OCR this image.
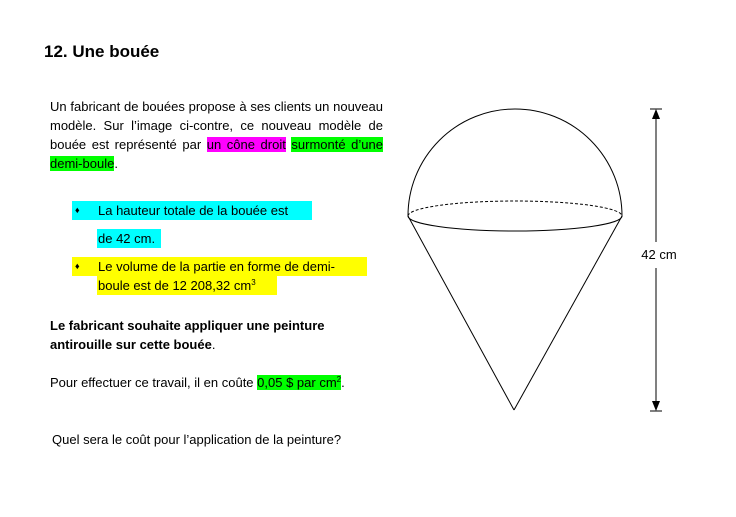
12. Une bouée

Un fabricant de bouées propose à ses clients un nouveau modèle. Sur l’image ci-contre, ce nouveau modèle de bouée est représenté par un cône droit surmonté d’une demi-boule.

♦ La hauteur totale de la bouée est
de 42 cm.
♦ Le volume de la partie en forme de demi-
boule est de 12 208,32 $cm^3$

Le fabricant souhaite appliquer une peinture antirouille sur cette bouée.

Pour effectuer ce travail, il en coûte 0,05 $ par $cm^2$.

Quel sera le coût pour l’application de la peinture?

42 cm
